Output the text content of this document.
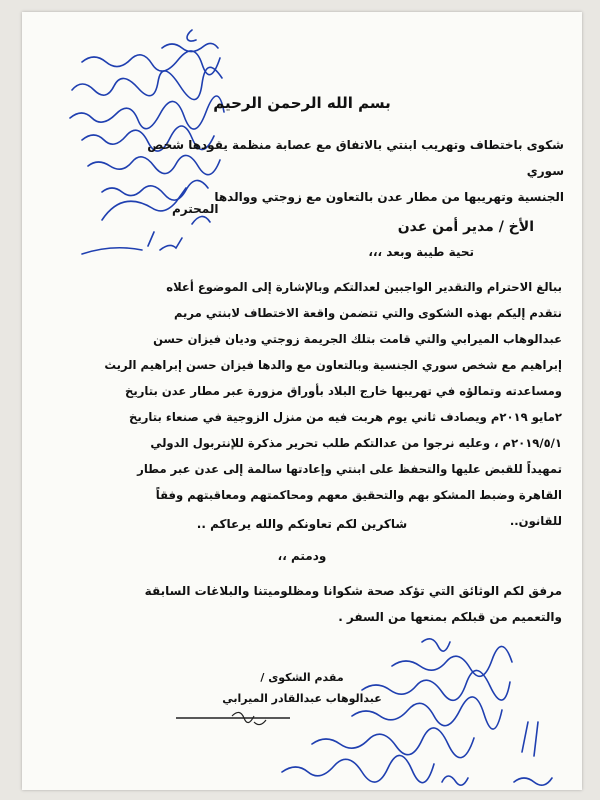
بسم الله الرحمن الرحيم
شكوى باختطاف وتهريب ابنتي بالاتفاق مع عصابة منظمة يقودها شخص سوري
الجنسية وتهريبها من مطار عدن بالتعاون مع زوجتي ووالدها
المحترم
الأخ / مدير أمن عدن
تحية طيبة وبعد ،،،
ببالغ الاحترام والتقدير الواجبين لعدالتكم وبالإشارة إلى الموضوع أعلاه
نتقدم إليكم بهذه الشكوى والتي تتضمن واقعة الاختطاف لابنتي مريم
عبدالوهاب الميرابي والتي قامت بتلك الجريمة زوجتي وديان فيزان حسن
إبراهيم مع شخص سوري الجنسية وبالتعاون مع والدها فيزان حسن إبراهيم الريث
ومساعدته وتمالؤه في تهريبها خارج البلاد بأوراق مزورة عبر مطار عدن بتاريخ
٢مايو ٢٠١٩م ويصادف ثاني يوم هربت فيه من منزل الزوجية في صنعاء بتاريخ
٢٠١٩/٥/١م ، وعليه نرجوا من عدالتكم طلب تحرير مذكرة للإنتربول الدولي
تمهيداً للقبض عليها والتحفظ على ابنتي وإعادتها سالمة إلى عدن عبر مطار
القاهرة وضبط المشكو بهم والتحقيق معهم ومحاكمتهم ومعاقبتهم وفقاً
للقانون..
شاكرين لكم تعاونكم والله يرعاكم ..
ودمتم ،،
مرفق لكم الوثائق التي تؤكد صحة شكوانا ومظلوميتنا والبلاغات السابقة
والتعميم من قبلكم بمنعها من السفر .
مقدم الشكوى /
عبدالوهاب عبدالقادر الميرابي
